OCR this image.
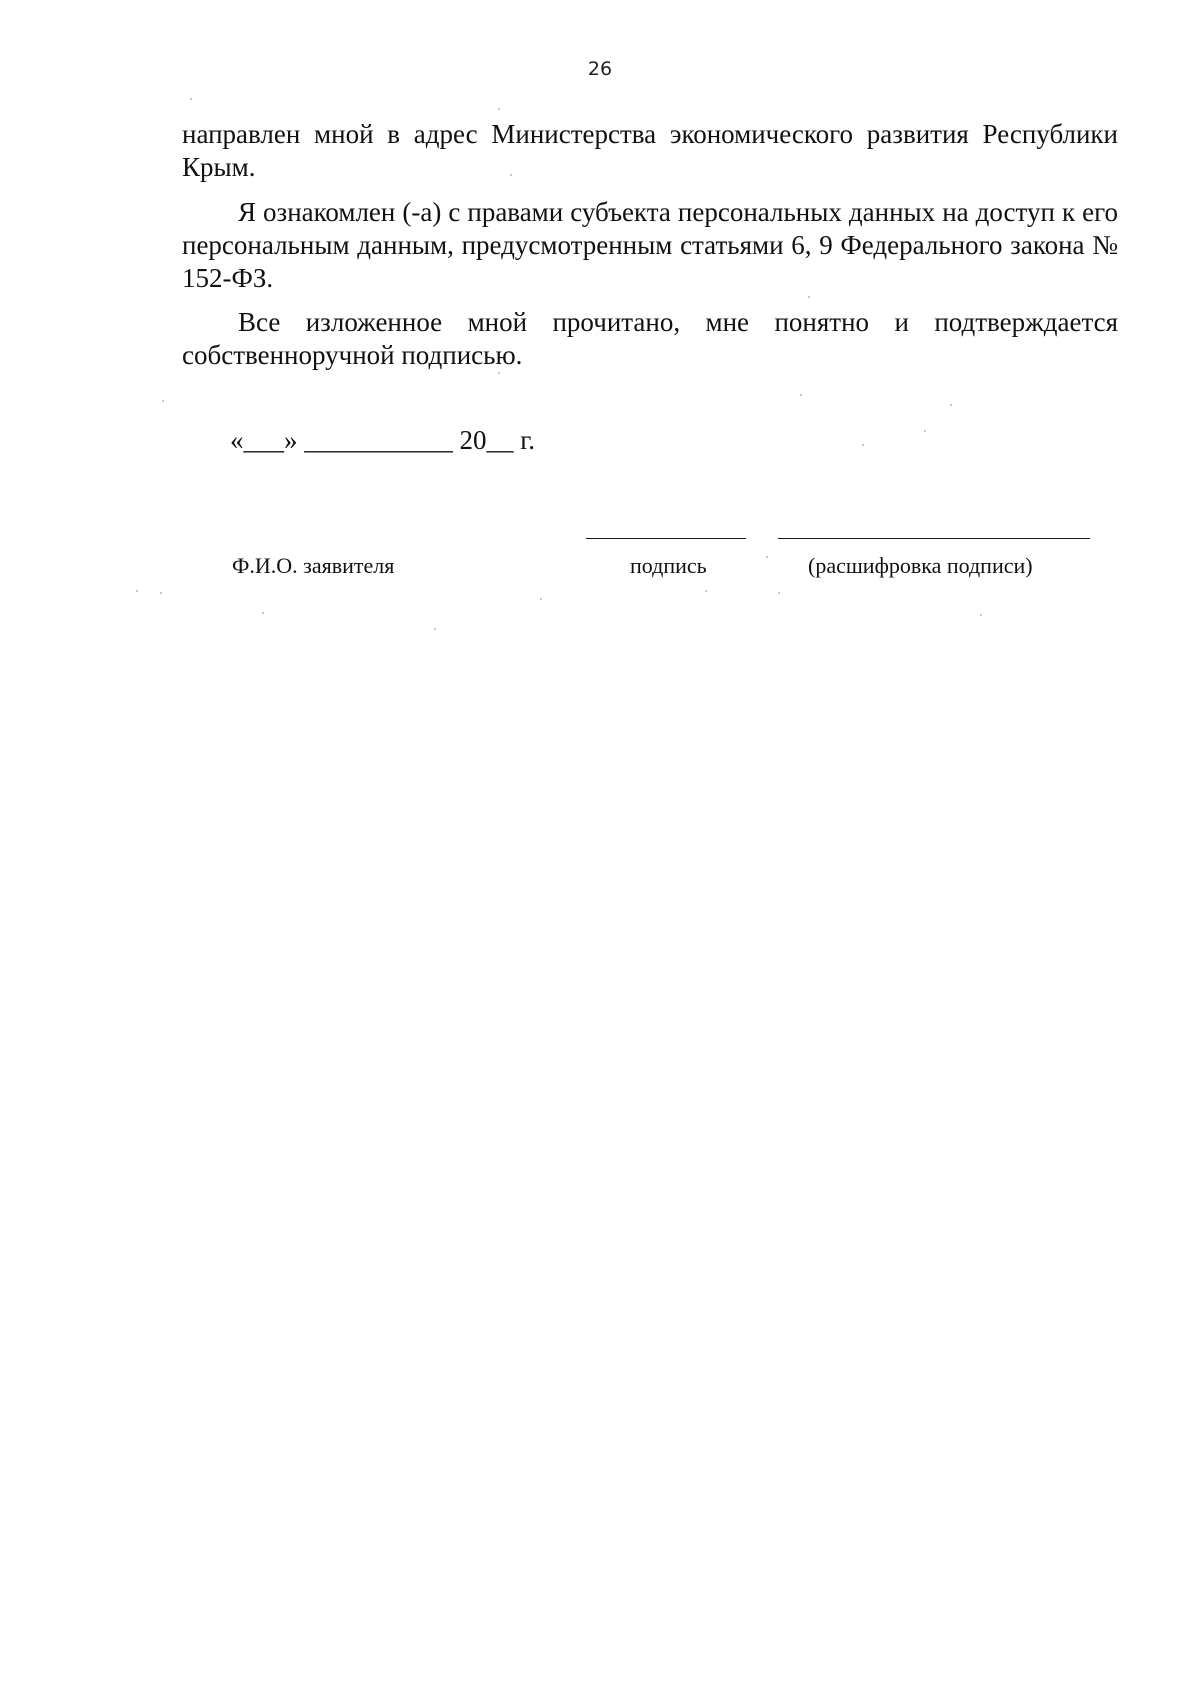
26

направлен мной в адрес Министерства экономического развития Республики Крым.

Я ознакомлен (-а) с правами субъекта персональных данных на доступ к его персональным данным, предусмотренным статьями 6, 9 Федерального закона № 152-ФЗ.

Все изложенное мной прочитано, мне понятно и подтверждается собственноручной подписью.

«___» ___________ 20__ г.
Ф.И.О. заявителя	подпись	(расшифровка подписи)
